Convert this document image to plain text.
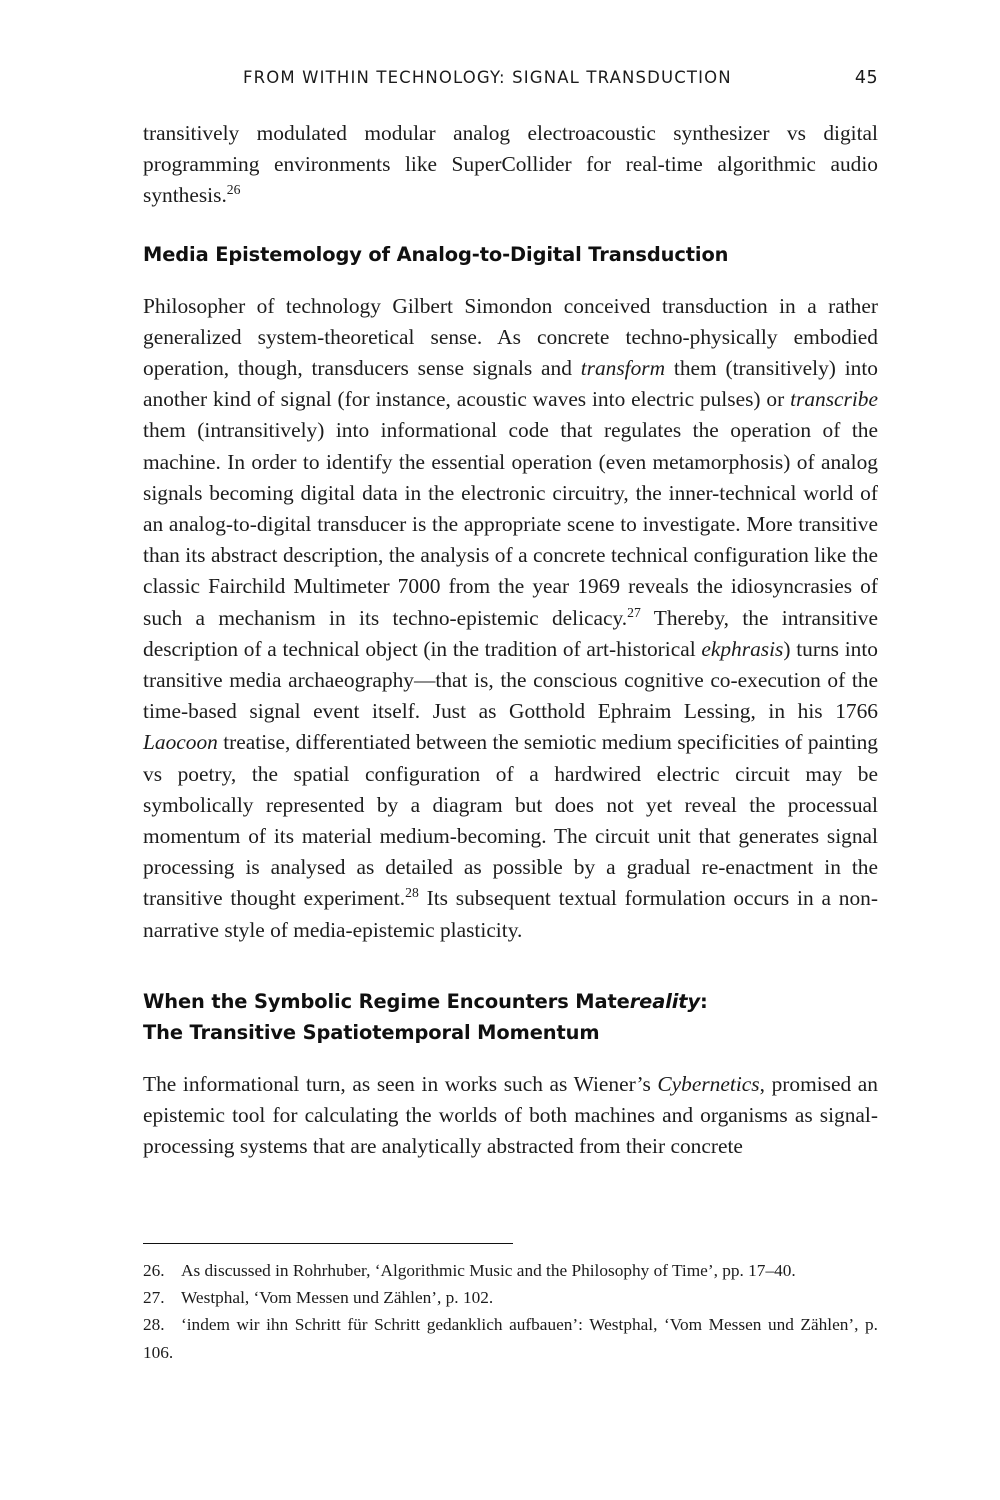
FROM WITHIN TECHNOLOGY: SIGNAL TRANSDUCTION	45

transitively modulated modular analog electroacoustic synthesizer vs digital programming environments like SuperCollider for real-time algorithmic audio synthesis.$^{26}$

Media Epistemology of Analog-to-Digital Transduction

Philosopher of technology Gilbert Simondon conceived transduction in a rather generalized system-theoretical sense. As concrete techno-physically embodied operation, though, transducers sense signals and transform them (transitively) into another kind of signal (for instance, acoustic waves into electric pulses) or transcribe them (intransitively) into informational code that regulates the operation of the machine. In order to identify the essential operation (even metamorphosis) of analog signals becoming digital data in the electronic circuitry, the inner-technical world of an analog-to-digital transducer is the appropriate scene to investigate. More transitive than its abstract description, the analysis of a concrete technical configuration like the classic Fairchild Multimeter 7000 from the year 1969 reveals the idiosyncrasies of such a mechanism in its techno-epistemic delicacy.$^{27}$ Thereby, the intransitive description of a technical object (in the tradition of art-historical ekphrasis) turns into transitive media archaeography—that is, the conscious cognitive co-execution of the time-based signal event itself. Just as Gotthold Ephraim Lessing, in his 1766 Laocoon treatise, differentiated between the semiotic medium specificities of painting vs poetry, the spatial configuration of a hardwired electric circuit may be symbolically represented by a diagram but does not yet reveal the processual momentum of its material medium-becoming. The circuit unit that generates signal processing is analysed as detailed as possible by a gradual re-enactment in the transitive thought experiment.$^{28}$ Its subsequent textual formulation occurs in a non-narrative style of media-epistemic plasticity.

When the Symbolic Regime Encounters Matereality:
The Transitive Spatiotemporal Momentum

The informational turn, as seen in works such as Wiener’s Cybernetics, promised an epistemic tool for calculating the worlds of both machines and organisms as signal-processing systems that are analytically abstracted from their concrete

26. As discussed in Rohrhuber, ‘Algorithmic Music and the Philosophy of Time’, pp. 17–40.

27. Westphal, ‘Vom Messen und Zählen’, p. 102.

28. ‘indem wir ihn Schritt für Schritt gedanklich aufbauen’: Westphal, ‘Vom Messen und Zählen’, p. 106.
